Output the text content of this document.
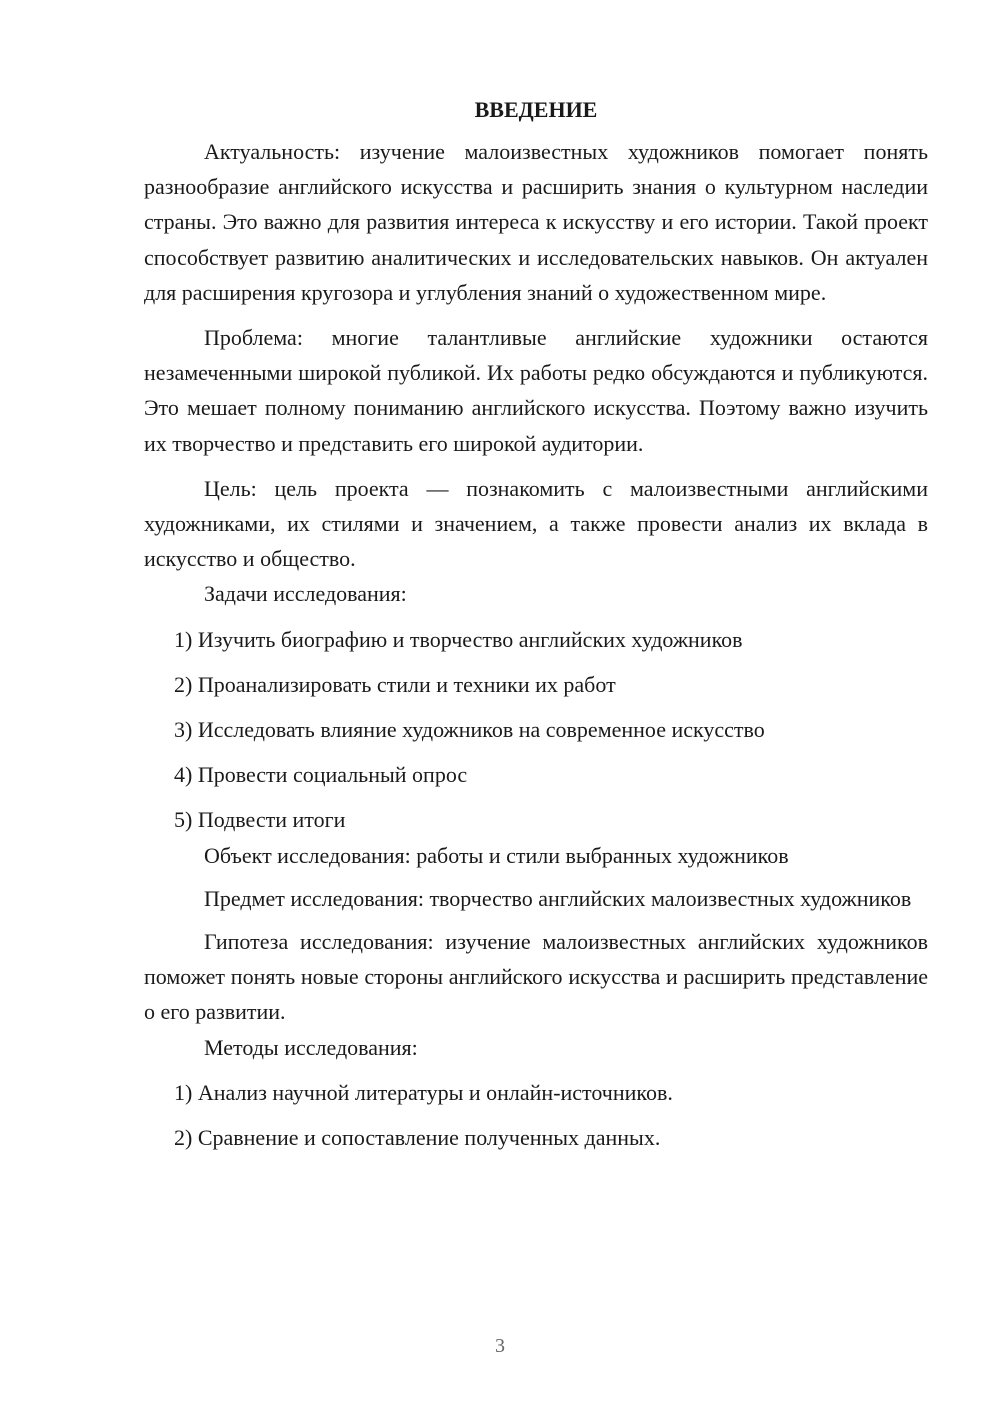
ВВЕДЕНИЕ

Актуальность: изучение малоизвестных художников помогает понять разнообразие английского искусства и расширить знания о культурном наследии страны. Это важно для развития интереса к искусству и его истории. Такой проект способствует развитию аналитических и исследовательских навыков. Он актуален для расширения кругозора и углубления знаний о художественном мире.

Проблема: многие талантливые английские художники остаются незамеченными широкой публикой. Их работы редко обсуждаются и публикуются. Это мешает полному пониманию английского искусства. Поэтому важно изучить их творчество и представить его широкой аудитории.

Цель: цель проекта — познакомить с малоизвестными английскими художниками, их стилями и значением, а также провести анализ их вклада в искусство и общество.

Задачи исследования:

1) Изучить биографию и творчество английских художников
2) Проанализировать стили и техники их работ
3) Исследовать влияние художников на современное искусство
4) Провести социальный опрос
5) Подвести итоги

Объект исследования: работы и стили выбранных художников

Предмет исследования: творчество английских малоизвестных художников

Гипотеза исследования: изучение малоизвестных английских художников поможет понять новые стороны английского искусства и расширить представление о его развитии.

Методы исследования:

1) Анализ научной литературы и онлайн-источников.
2) Сравнение и сопоставление полученных данных.
3
